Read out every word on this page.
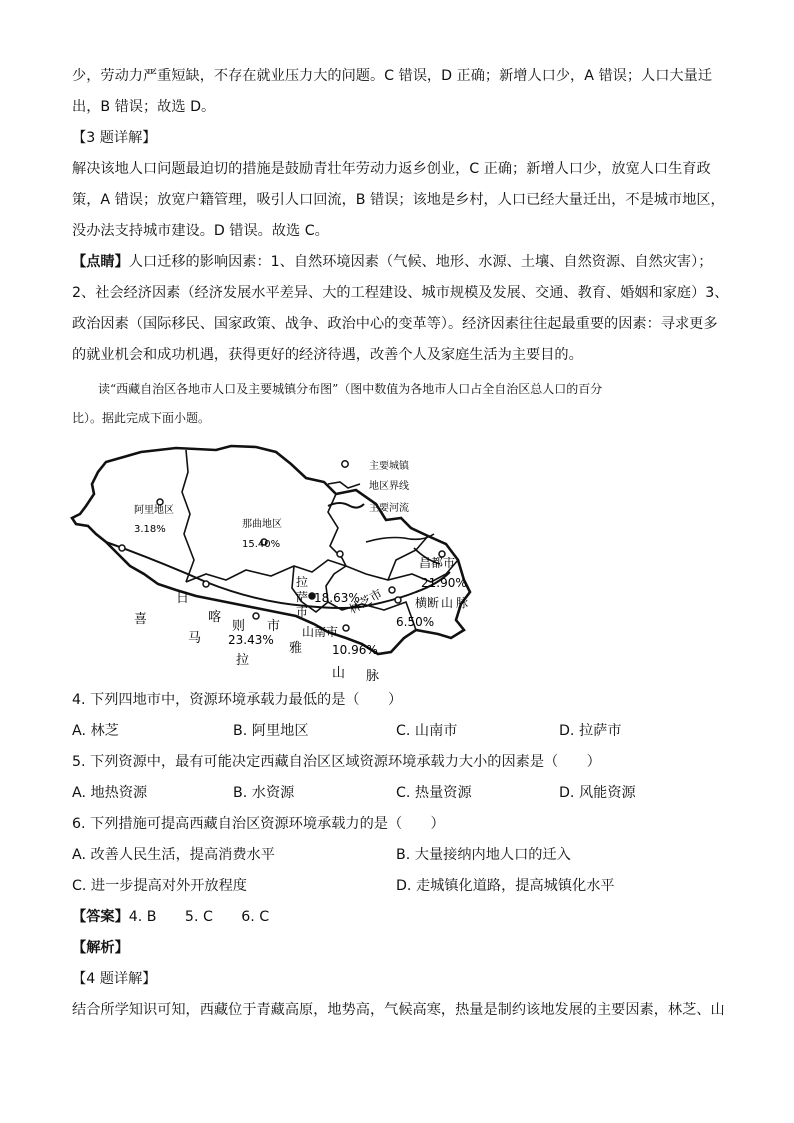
少，劳动力严重短缺，不存在就业压力大的问题。C 错误，D 正确；新增人口少，A 错误；人口大量迁
出，B 错误；故选 D。
【3 题详解】
解决该地人口问题最迫切的措施是鼓励青壮年劳动力返乡创业，C 正确；新增人口少，放宽人口生育政
策，A 错误；放宽户籍管理，吸引人口回流，B 错误；该地是乡村，人口已经大量迁出，不是城市地区，
没办法支持城市建设。D 错误。故选 C。
【点睛】人口迁移的影响因素：1、自然环境因素（气候、地形、水源、土壤、自然资源、自然灾害）；
2、社会经济因素（经济发展水平差异、大的工程建设、城市规模及发展、交通、教育、婚姻和家庭）3、
政治因素（国际移民、国家政策、战争、政治中心的变革等）。经济因素往往起最重要的因素：寻求更多
的就业机会和成功机遇，获得更好的经济待遇，改善个人及家庭生活为主要目的。
读“西藏自治区各地市人口及主要城镇分布图”（图中数值为各地市人口占全自治区总人口的百分
比）。据此完成下面小题。
主要城镇
地区界线
主要河流
阿里地区
3.18%	那曲地区
15.40%
昌都市
21.90%
横断 山 脉
拉
萨
市
18.63%
林芝市
6.50%
山南市
10.96%
日
喀
则 市
23.43%
喜
马
拉
雅
山 脉
4. 下列四地市中，资源环境承载力最低的是（　　）
A. 林芝	B. 阿里地区	C. 山南市	D. 拉萨市
5. 下列资源中，最有可能决定西藏自治区区域资源环境承载力大小的因素是（　　）
A. 地热资源	B. 水资源	C. 热量资源	D. 风能资源
6. 下列措施可提高西藏自治区资源环境承载力的是（　　）
A. 改善人民生活，提高消费水平	B. 大量接纳内地人口的迁入
C. 进一步提高对外开放程度	D. 走城镇化道路，提高城镇化水平
【答案】4. B　　5. C　　6. C
【解析】
【4 题详解】
结合所学知识可知，西藏位于青藏高原，地势高，气候高寒，热量是制约该地发展的主要因素，林芝、山
